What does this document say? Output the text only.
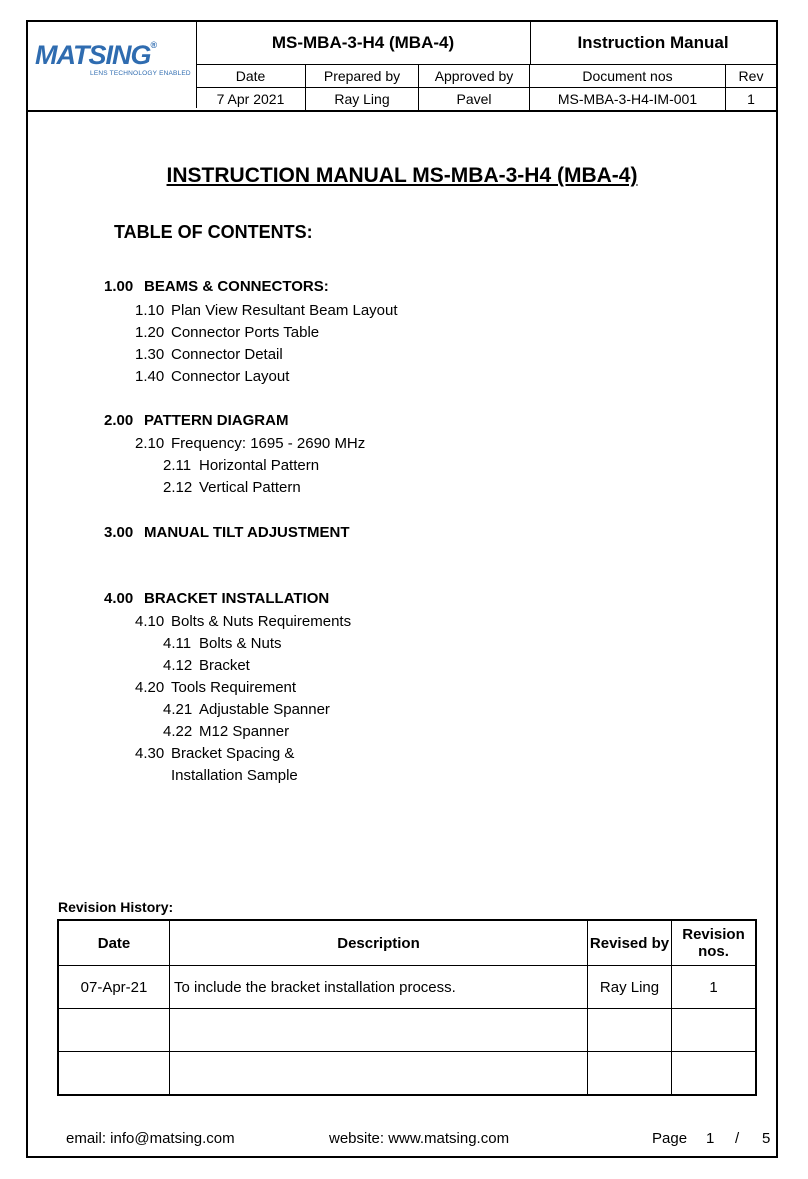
MATSING®
LENS TECHNOLOGY ENABLED
MS-MBA-3-H4 (MBA-4)	Instruction Manual
Date	Prepared by	Approved by	Document nos	Rev
7 Apr 2021	Ray Ling	Pavel	MS-MBA-3-H4-IM-001	1
INSTRUCTION MANUAL MS-MBA-3-H4 (MBA-4)
TABLE OF CONTENTS:
1.00 BEAMS & CONNECTORS:
1.10 Plan View Resultant Beam Layout
1.20 Connector Ports Table
1.30 Connector Detail
1.40 Connector Layout
2.00 PATTERN DIAGRAM
2.10 Frequency: 1695 - 2690 MHz
2.11 Horizontal Pattern
2.12 Vertical Pattern
3.00 MANUAL TILT ADJUSTMENT
4.00 BRACKET INSTALLATION
4.10 Bolts & Nuts Requirements
4.11 Bolts & Nuts
4.12 Bracket
4.20 Tools Requirement
4.21 Adjustable Spanner
4.22 M12 Spanner
4.30 Bracket Spacing &
Installation Sample
Revision History:
Date	Description	Revised by	Revision nos.
07-Apr-21	To include the bracket installation process.	Ray Ling	1

email: info@matsing.com	website: www.matsing.com	Page 1 / 5
